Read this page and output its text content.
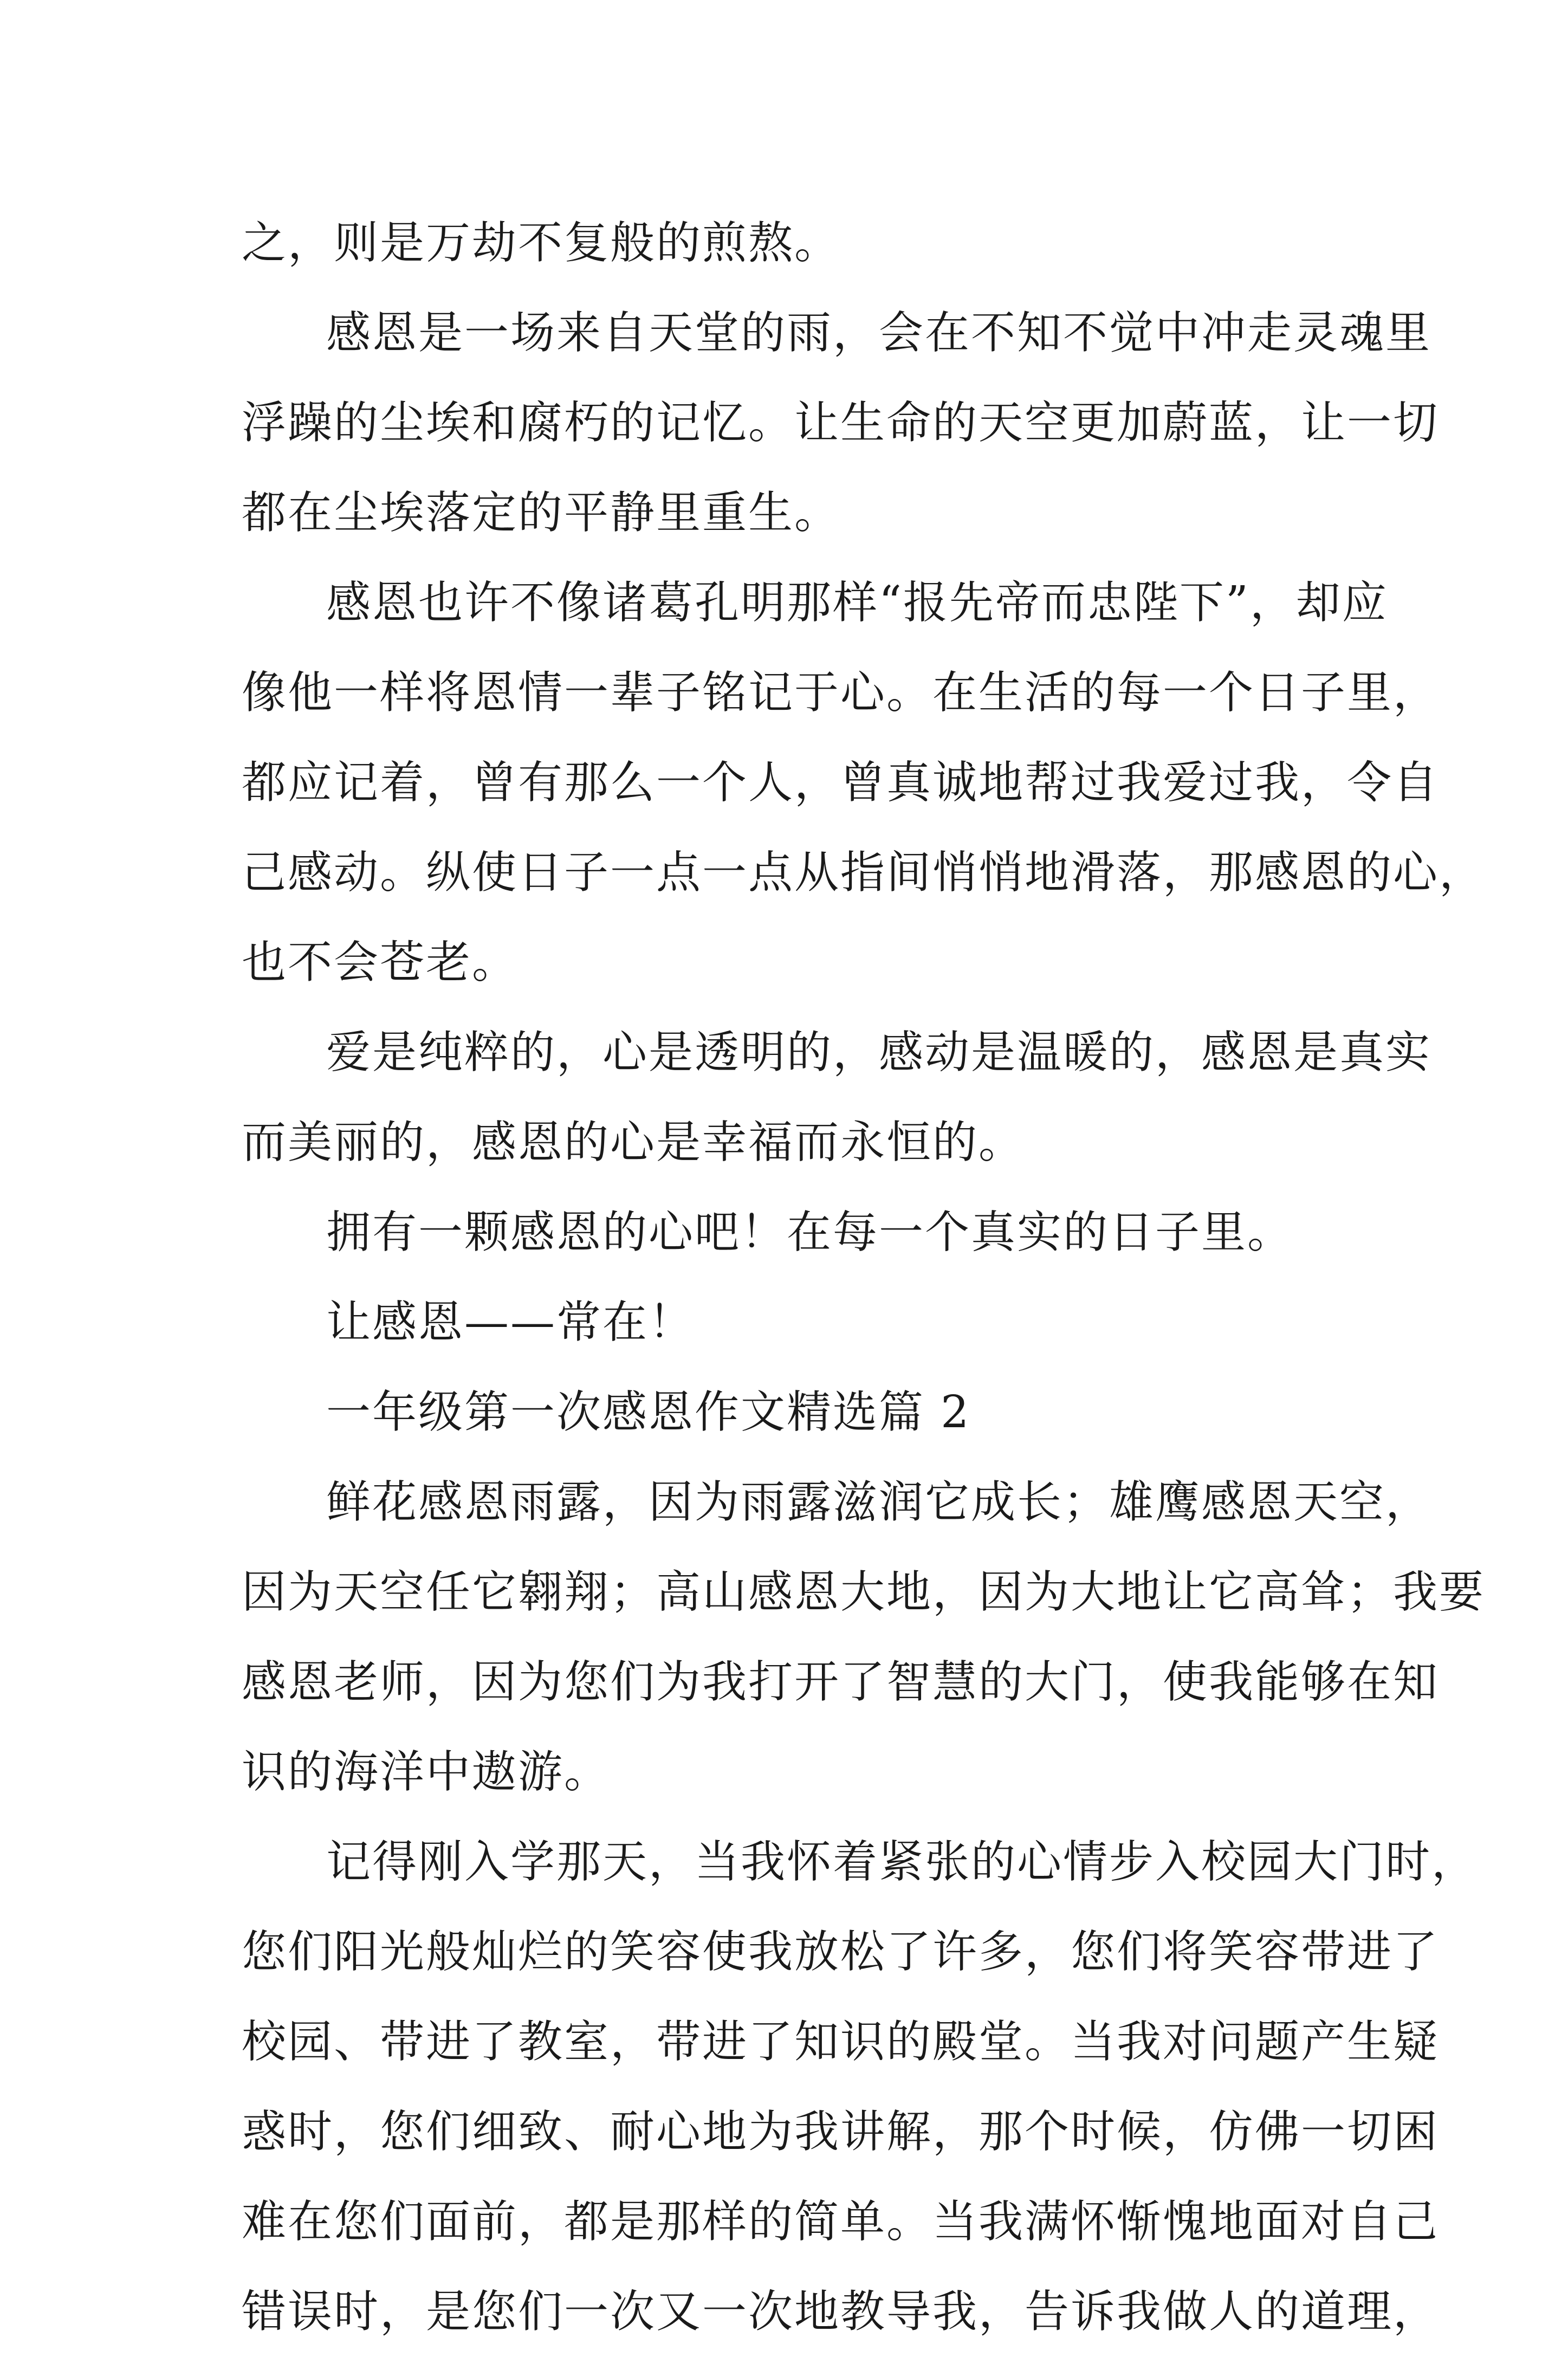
之，则是万劫不复般的煎熬。
感恩是一场来自天堂的雨，会在不知不觉中冲走灵魂里
浮躁的尘埃和腐朽的记忆。让生命的天空更加蔚蓝，让一切
都在尘埃落定的平静里重生。
感恩也许不像诸葛孔明那样“报先帝而忠陛下”，却应
像他一样将恩情一辈子铭记于心。在生活的每一个日子里，
都应记着，曾有那么一个人，曾真诚地帮过我爱过我，令自
己感动。纵使日子一点一点从指间悄悄地滑落，那感恩的心，
也不会苍老。
爱是纯粹的，心是透明的，感动是温暖的，感恩是真实
而美丽的，感恩的心是幸福而永恒的。
拥有一颗感恩的心吧！在每一个真实的日子里。
让感恩——常在！
一年级第一次感恩作文精选篇 2
鲜花感恩雨露，因为雨露滋润它成长；雄鹰感恩天空，
因为天空任它翱翔；高山感恩大地，因为大地让它高耸；我要
感恩老师，因为您们为我打开了智慧的大门，使我能够在知
识的海洋中遨游。
记得刚入学那天，当我怀着紧张的心情步入校园大门时，
您们阳光般灿烂的笑容使我放松了许多，您们将笑容带进了
校园、带进了教室，带进了知识的殿堂。当我对问题产生疑
惑时，您们细致、耐心地为我讲解，那个时候，仿佛一切困
难在您们面前，都是那样的简单。当我满怀惭愧地面对自己
错误时，是您们一次又一次地教导我，告诉我做人的道理，
